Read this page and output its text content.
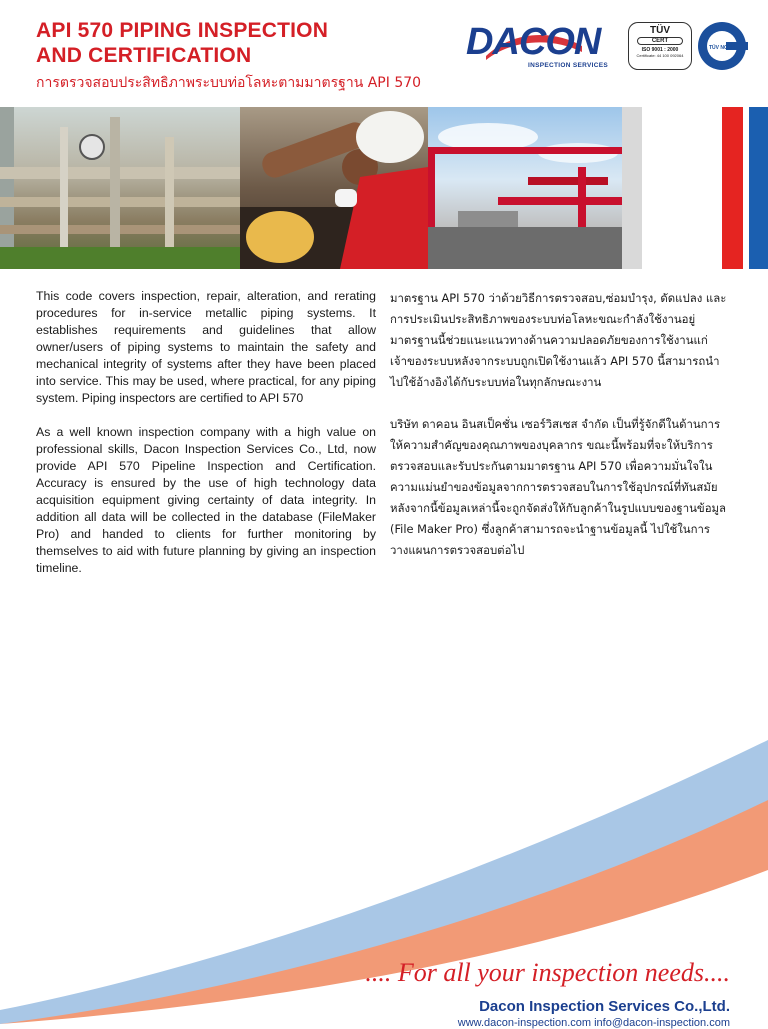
API 570 PIPING INSPECTION
AND CERTIFICATION

การตรวจสอบประสิทธิภาพระบบท่อโลหะตามมาตรฐาน API 570

DACON
INSPECTION SERVICES
TÜV
CERT
ISO 9001 : 2000
Certificate: 44 100 092064
TÜV NORD

This code covers inspection, repair, alteration, and rerating procedures for in-service metallic piping systems. It establishes requirements and guidelines that allow owner/users of piping systems to maintain the safety and mechanical integrity of systems after they have been placed into service. This may be used, where practical, for any piping system. Piping inspectors are certified to API 570

As a well known inspection company with a high value on professional skills, Dacon Inspection Services Co., Ltd, now provide API 570 Pipeline Inspection and Certification. Accuracy is ensured by the use of high technology data acquisition equipment giving certainty of data integrity. In addition all data will be collected in the database (FileMaker Pro) and handed to clients for further monitoring by themselves to aid with future planning by giving an inspection timeline.

มาตรฐาน API 570 ว่าด้วยวิธีการตรวจสอบ,ซ่อมบำรุง, ดัดแปลง และการประเมินประสิทธิภาพของระบบท่อโลหะขณะกำลังใช้งานอยู่ มาตรฐานนี้ช่วยแนะแนวทางด้านความปลอดภัยของการใช้งานแก่เจ้าของระบบหลังจากระบบถูกเปิดใช้งานแล้ว API 570 นี้สามารถนำไปใช้อ้างอิงได้กับระบบท่อในทุกลักษณะงาน

บริษัท ดาคอน อินสเป็คชั่น เซอร์วิสเซส จำกัด เป็นที่รู้จักดีในด้านการให้ความสำคัญของคุณภาพของบุคลากร ขณะนี้พร้อมที่จะให้บริการตรวจสอบและรับประกันตามมาตรฐาน API 570 เพื่อความมั่นใจในความแม่นยำของข้อมูลจากการตรวจสอบในการใช้อุปกรณ์ที่ทันสมัย หลังจากนี้ข้อมูลเหล่านี้จะถูกจัดส่งให้กับลูกค้าในรูปแบบของฐานข้อมูล (File Maker Pro) ซึ่งลูกค้าสามารถจะนำฐานข้อมูลนี้ ไปใช้ในการวางแผนการตรวจสอบต่อไป

.... For all your inspection needs....
Dacon Inspection Services Co.,Ltd.
www.dacon-inspection.com info@dacon-inspection.com
